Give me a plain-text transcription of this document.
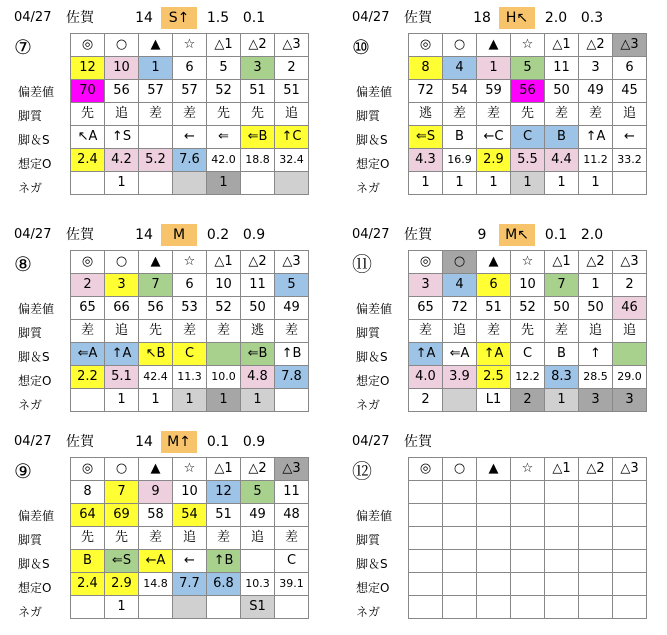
04/27 佐賀	14	S↑	1.5 0.1
⑦
偏差値
脚質
脚＆S
想定O
ネガ
◎	○	▲	☆	△1	△2	△3
12	10	1	6	5	3	2
70	56	57	57	52	51	51
先	追	差	差	先	先	追
↖A	↑S		←	⇐	⇐B	↑C
2.4	4.2	5.2	7.6	42.0	18.8	32.4
	1			1		
04/27 佐賀	18	H↖	2.0 0.3
⑩
偏差値
脚質
脚＆S
想定O
ネガ
◎	○	▲	☆	△1	△2	△3
8	4	1	5	11	3	6
72	54	59	56	50	49	45
逃	差	差	先	差	差	追
⇐S	B	←C	C	B	↑A	←
4.3	16.9	2.9	5.5	4.4	11.2	33.2
1	1	1	1	1	1	
04/27 佐賀	14	M	0.2 0.9
⑧
偏差値
脚質
脚＆S
想定O
ネガ
◎	○	▲	☆	△1	△2	△3
2	3	7	6	10	11	5
65	66	56	53	52	50	49
差	追	先	差	差	逃	差
⇐A	↑A	↖B	C		⇐B	↑B
2.2	5.1	42.4	11.3	10.0	4.8	7.8
	1	1	1	1	1	
04/27 佐賀	9	M↖	0.1 2.0
⑪
偏差値
脚質
脚＆S
想定O
ネガ
◎	○	▲	☆	△1	△2	△3
3	4	6	10	7	1	2
65	72	51	52	50	50	46
差	追	差	先	差	追	追
↑A	⇐A	↑A	C	B	↑	
4.0	3.9	2.5	12.2	8.3	28.5	29.0
2		L1	2	1	3	3
04/27 佐賀	14	M↑	0.1 0.9
⑨
偏差値
脚質
脚＆S
想定O
ネガ
◎	○	▲	☆	△1	△2	△3
8	7	9	10	12	5	11
64	69	58	54	51	49	48
先	先	差	追	差	追	差
B	⇐S	←A	←	↑B		C
2.4	2.9	14.8	7.7	6.8	10.3	39.1
	1				S1	
04/27 佐賀
⑫
偏差値
脚質
脚＆S
想定O
ネガ
◎	○	▲	☆	△1	△2	△3
